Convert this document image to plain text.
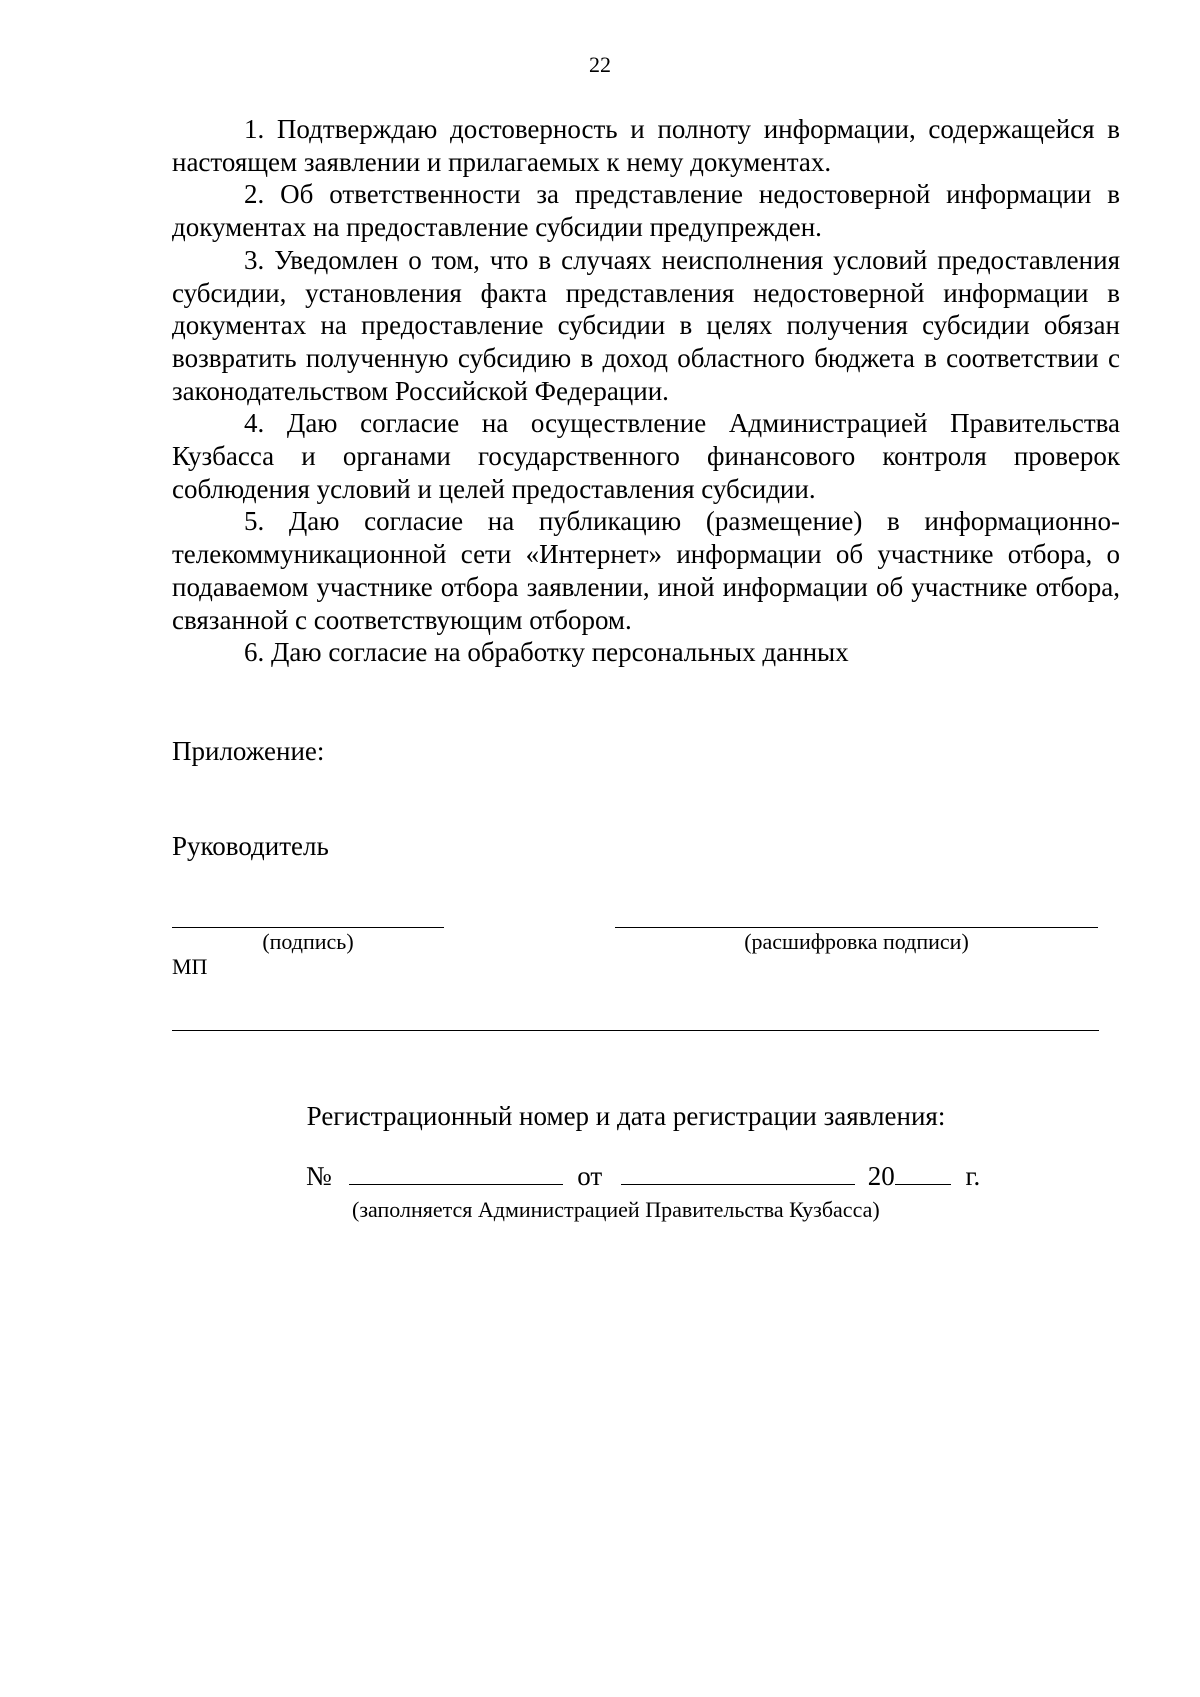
22

1. Подтверждаю достоверность и полноту информации, содержащейся в настоящем заявлении и прилагаемых к нему документах.

2. Об ответственности за представление недостоверной информации в документах на предоставление субсидии предупрежден.

3. Уведомлен о том, что в случаях неисполнения условий предоставления субсидии, установления факта представления недостоверной информации в документах на предоставление субсидии в целях получения субсидии обязан возвратить полученную субсидию в доход областного бюджета в соответствии с законодательством Российской Федерации.

4. Даю согласие на осуществление Администрацией Правительства Кузбасса и органами государственного финансового контроля проверок соблюдения условий и целей предоставления субсидии.

5. Даю согласие на публикацию (размещение) в информационно-телекоммуникационной сети «Интернет» информации об участнике отбора, о подаваемом участнике отбора заявлении, иной информации об участнике отбора, связанной с соответствующим отбором.

6. Даю согласие на обработку персональных данных

Приложение:
Руководитель
(подпись)	(расшифровка подписи)
МП
Регистрационный номер и дата регистрации заявления:
№	от	20	г.
(заполняется Администрацией Правительства Кузбасса)
